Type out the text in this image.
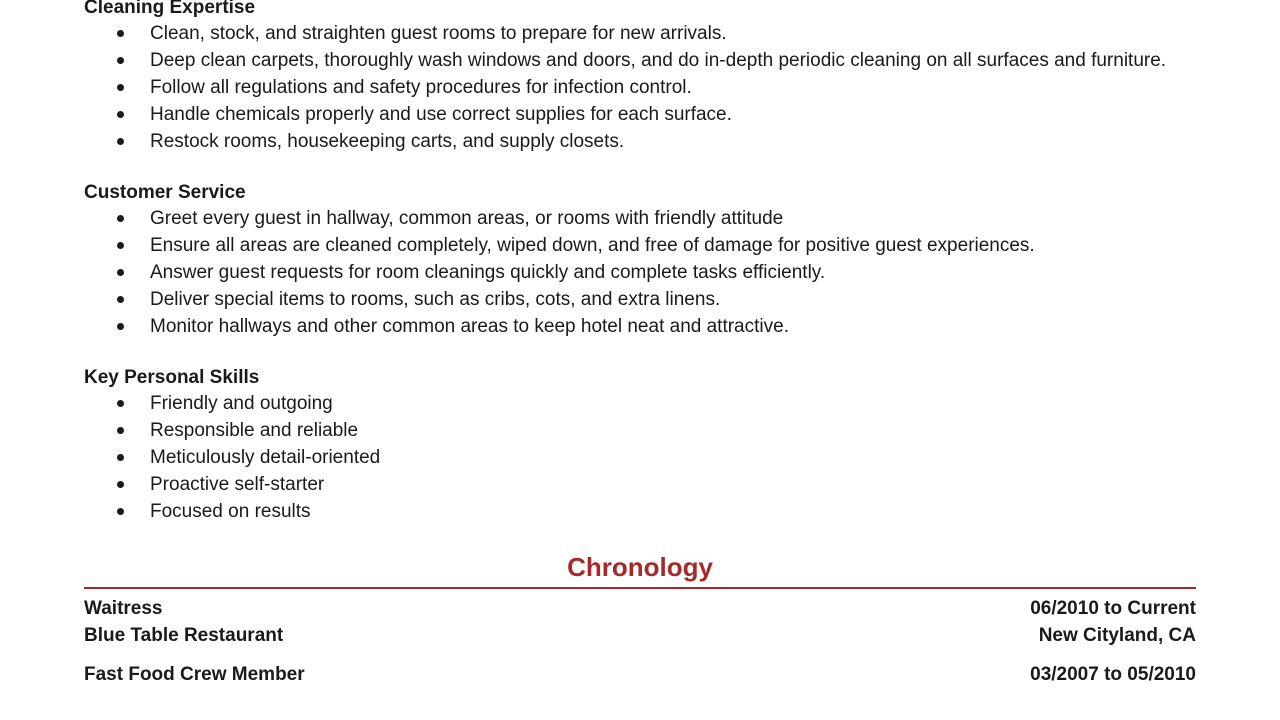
Cleaning Expertise

Clean, stock, and straighten guest rooms to prepare for new arrivals.
Deep clean carpets, thoroughly wash windows and doors, and do in-depth periodic cleaning on all surfaces and furniture.
Follow all regulations and safety procedures for infection control.
Handle chemicals properly and use correct supplies for each surface.
Restock rooms, housekeeping carts, and supply closets.

Customer Service

Greet every guest in hallway, common areas, or rooms with friendly attitude
Ensure all areas are cleaned completely, wiped down, and free of damage for positive guest experiences.
Answer guest requests for room cleanings quickly and complete tasks efficiently.
Deliver special items to rooms, such as cribs, cots, and extra linens.
Monitor hallways and other common areas to keep hotel neat and attractive.

Key Personal Skills

Friendly and outgoing
Responsible and reliable
Meticulously detail-oriented
Proactive self-starter
Focused on results
Chronology
Waitress	06/2010 to Current
Blue Table Restaurant	New Cityland, CA
Fast Food Crew Member	03/2007 to 05/2010
